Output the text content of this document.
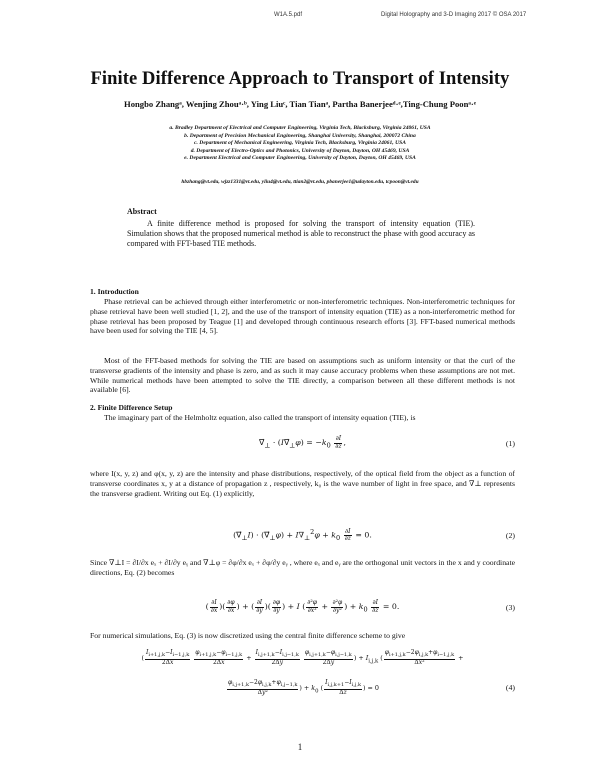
W1A.5.pdf	Digital Holography and 3-D Imaging 2017 © OSA 2017
Finite Difference Approach to Transport of Intensity
Hongbo Zhangᵃ, Wenjing Zhouᵃ·ᵇ, Ying Liuᶜ, Tian Tianᵃ, Partha Banerjeeᵈ·ᵉ,Ting-Chung Poonᵃ·ᵉ
a. Bradley Department of Electrical and Computer Engineering, Virginia Tech, Blacksburg, Virginia 24061, USA
b. Department of Precision Mechanical Engineering, Shanghai University, Shanghai, 200072 China
c. Department of Mechanical Engineering, Virginia Tech, Blacksburg, Virginia 24061, USA
d. Department of Electro-Optics and Photonics, University of Dayton, Dayton, OH 45469, USA
e. Department Electrical and Computer Engineering, University of Dayton, Dayton, OH 45469, USA
hbzhang@vt.edu, wjzz1331@vt.edu, yliu4@vt.edu, ttian2@vt.edu, pbanerjee1@udayton.edu, tcpoon@vt.edu
Abstract
A finite difference method is proposed for solving the transport of intensity equation (TIE). Simulation shows that the proposed numerical method is able to reconstruct the phase with good accuracy as compared with FFT-based TIE methods.
1. Introduction
Phase retrieval can be achieved through either interferometric or non-interferometric techniques. Non-interferometric techniques for phase retrieval have been well studied [1, 2], and the use of the transport of intensity equation (TIE) as a non-interferometric method for phase retrieval has been proposed by Teague [1] and developed through continuous research efforts [3]. FFT-based numerical methods have been used for solving the TIE [4, 5].
Most of the FFT-based methods for solving the TIE are based on assumptions such as uniform intensity or that the curl of the transverse gradients of the intensity and phase is zero, and as such it may cause accuracy problems when these assumptions are not met. While numerical methods have been attempted to solve the TIE directly, a comparison between all these different methods is not available [6].
2. Finite Difference Setup
The imaginary part of the Helmholtz equation, also called the transport of intensity equation (TIE), is
$\nabla⃗_\perp$ · $(I\nabla⃗_\perp\varphi) = -k_0 \frac{\partial I}{\partial z}$ ,	(1)
where I(x, y, z) and φ(x, y, z) are the intensity and phase distributions, respectively, of the optical field from the object as a function of transverse coordinates x, y at a distance of propagation z , respectively, k₀ is the wave number of light in free space, and ∇⊥ represents the transverse gradient. Writing out Eq. (1) explicitly,
$(\nabla⃗_\perp I)$ · $(\nabla⃗_\perp\varphi) + I\nabla_\perp^2\varphi + k_0 \frac{\partial I}{\partial z} = 0$.	(2)
Since ∇⊥I = ∂I/∂x eₓ + ∂I/∂y eᵧ and ∇⊥φ = ∂φ/∂x eₓ + ∂φ/∂y eᵧ , where eₓ and eᵧ are the orthogonal unit vectors in the x and y coordinate directions, Eq. (2) becomes
( $\frac{\partial I}{\partial x}$ )( $\frac{\partial\varphi}{\partial x}$ ) + ( $\frac{\partial I}{\partial y}$ )( $\frac{\partial\varphi}{\partial y}$ ) + I ( $\frac{\text{∂²φ}}{\text{∂x²}} + \frac{\text{∂²φ}}{\text{∂y²}}$ ) + $k_0 \frac{\partial I}{\partial z} = 0$.	(3)
For numerical simulations, Eq. (3) is now discretized using the central finite difference scheme to give
( $\frac{I_{i+1,j,k}-I_{i-1,j,k}}{2\Delta x}$
$\frac{\varphi_{i+1,j,k}-\varphi_{i-1,j,k}}{2\Delta x} + \frac{I_{i,j+1,k}-I_{i,j-1,k}}{2\Delta y}$
$\frac{\varphi_{i,j+1,k}-\varphi_{i,j-1,k}}{2\Delta y}$ ) + $I_{i,j,k}$ ( $\frac{\varphi_{i+1,j,k}-2\varphi_{i,j,k}+\varphi_{i-1,j,k}}{\text{Δx²}}$ +
$\frac{\varphi_{i,j+1,k}-2\varphi_{i,j,k}+\varphi_{i,j-1,k}}{\text{Δy²}}$ ) + $k_0$ ( $\frac{I_{i,j,k+1}-I_{i,j,k}}{\Delta z}$ ) = 0	(4)
1
